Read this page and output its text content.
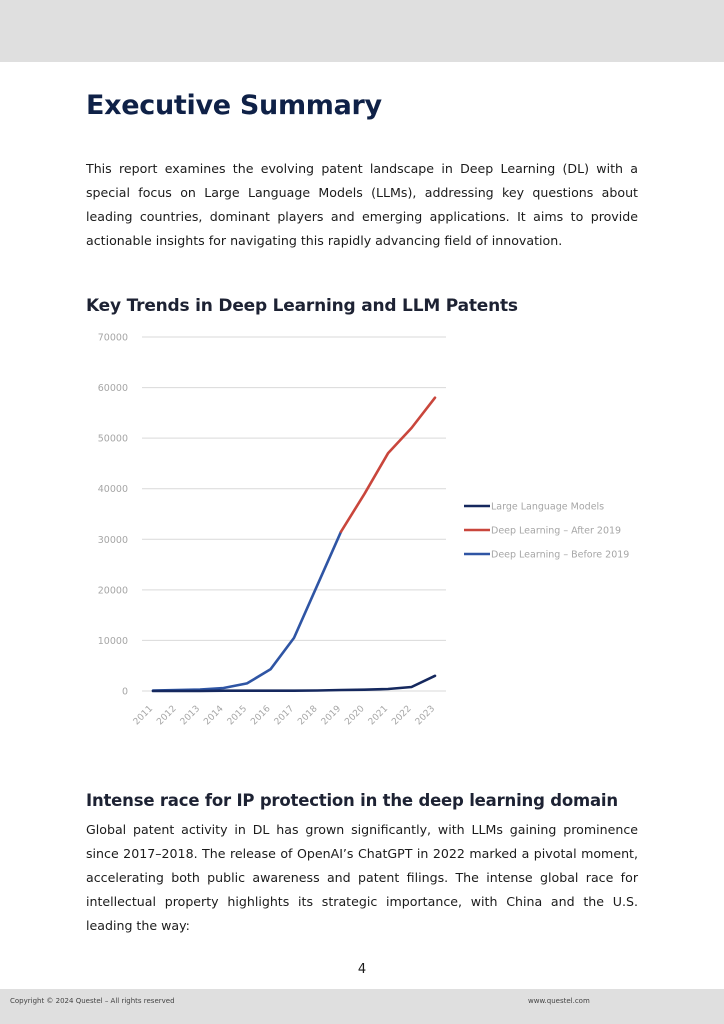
Executive Summary

This report examines the evolving patent landscape in Deep Learning (DL) with a special focus on Large Language Models (LLMs), addressing key questions about leading countries, dominant players and emerging applications. It aims to provide actionable insights for navigating this rapidly advancing field of innovation.

Key Trends in Deep Learning and LLM Patents
0
10000
20000
30000
40000
50000
60000
70000
2011 2012 2013 2014 2015 2016 2017 2018 2019 2020 2021 2022 2023
Large Language Models
Deep Learning – After 2019
Deep Learning – Before 2019
Intense race for IP protection in the deep learning domain

Global patent activity in DL has grown significantly, with LLMs gaining prominence since 2017–2018. The release of OpenAI’s ChatGPT in 2022 marked a pivotal moment, accelerating both public awareness and patent filings. The intense global race for intellectual property highlights its strategic importance, with China and the U.S. leading the way:

4
Copyright © 2024 Questel – All rights reserved	www.questel.com
